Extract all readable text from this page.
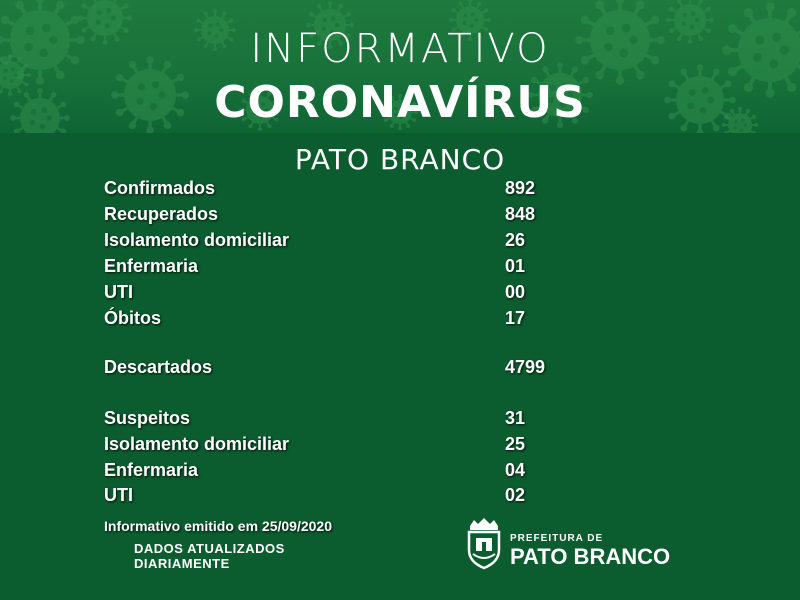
INFORMATIVO
CORONAVÍRUS
PATO BRANCO
Confirmados	892
Recuperados	848
Isolamento domiciliar	26
Enfermaria	01
UTI	00
Óbitos	17
Descartados	4799
Suspeitos	31
Isolamento domiciliar	25
Enfermaria	04
UTI	02
Informativo emitido em 25/09/2020
DADOS ATUALIZADOS
DIARIAMENTE
PREFEITURA DE
PATO BRANCO
